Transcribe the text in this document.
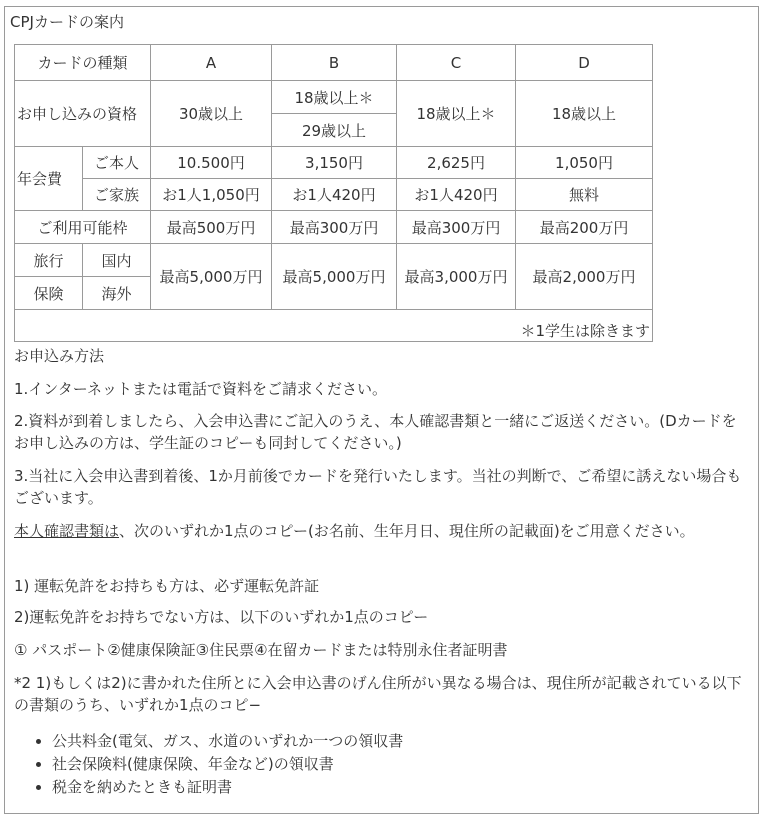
CPJカードの案内
カードの種類		A	B	C	D
お申し込みの資格		30歳以上	18歳以上＊	18歳以上＊	18歳以上
			29歳以上		
年会費	ご本人	10.500円	3,150円	2,625円	1,050円
	ご家族	お1人1,050円	お1人420円	お1人420円	無料
ご利用可能枠		最高500万円	最高300万円	最高300万円	最高200万円
旅行	国内	最高5,000万円	最高5,000万円	最高3,000万円	最高2,000万円
保険	海外				
＊1学生は除きます					
お申込み方法
1.インターネットまたは電話で資料をご請求ください。
2.資料が到着しましたら、入会申込書にご記入のうえ、本人確認書類と一緒にご返送ください。(Dカードをお申し込みの方は、学生証のコピーも同封してください。)
3.当社に入会申込書到着後、1か月前後でカードを発行いたします。当社の判断で、ご希望に誘えない場合もございます。
本人確認書類は、次のいずれか1点のコピー(お名前、生年月日、現住所の記載面)をご用意ください。
1) 運転免許をお持ちも方は、必ず運転免許証
2)運転免許をお持ちでない方は、以下のいずれか1点のコピー
① パスポート②健康保険証③住民票④在留カードまたは特別永住者証明書
*2 1)もしくは2)に書かれた住所とに入会申込書のげん住所がい異なる場合は、現住所が記載されている以下の書類のうち、いずれか1点のコピ−
• 公共料金(電気、ガス、水道のいずれか一つの領収書
• 社会保険料(健康保険、年金など)の領収書
• 税金を納めたときも証明書
